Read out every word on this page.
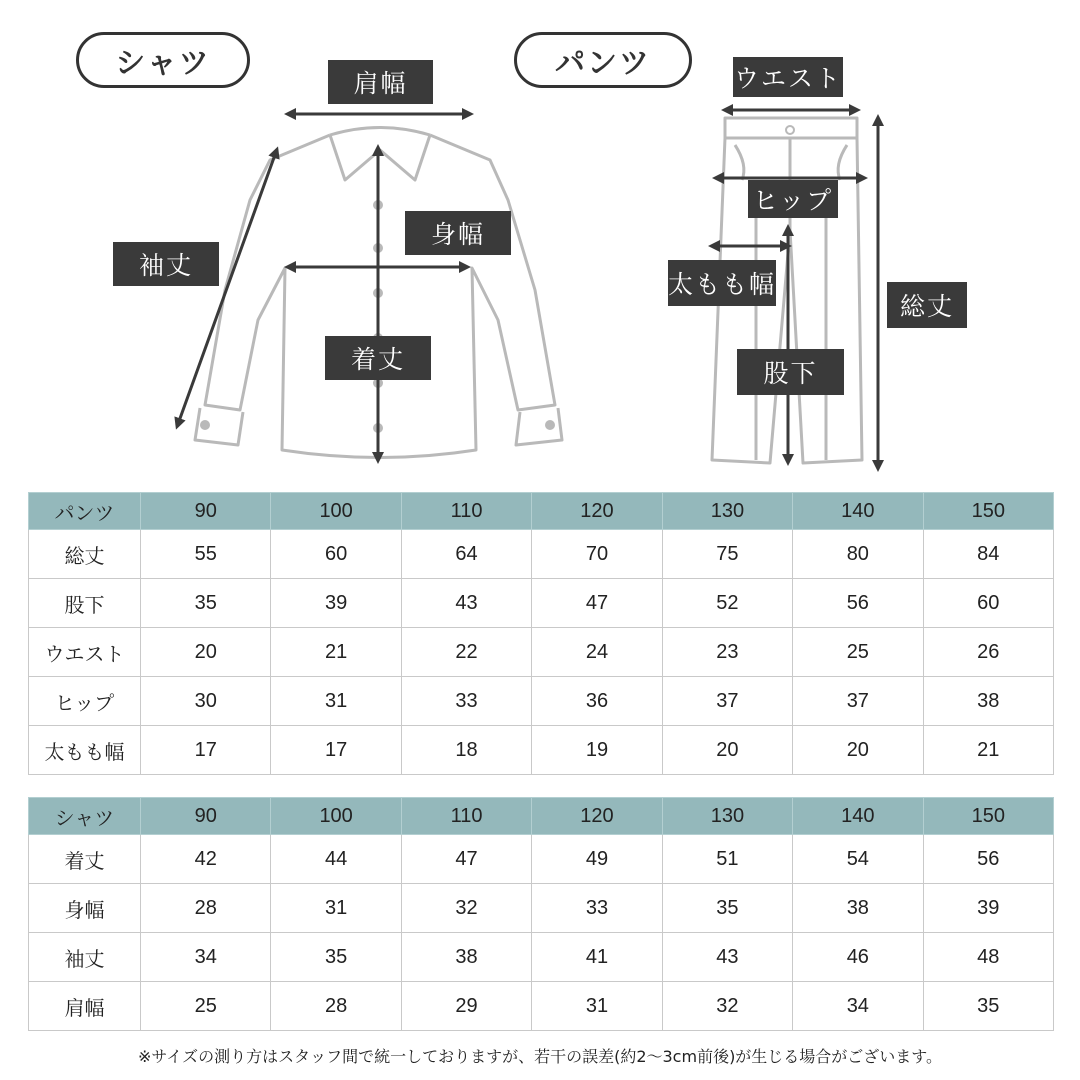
シャツ	パンツ
肩幅
身幅
袖丈
着丈
ウエスト
ヒップ
太もも幅
股下
総丈
パンツ	90	100	110	120	130	140	150
総丈	55	60	64	70	75	80	84
股下	35	39	43	47	52	56	60
ウエスト	20	21	22	24	23	25	26
ヒップ	30	31	33	36	37	37	38
太もも幅	17	17	18	19	20	20	21
シャツ	90	100	110	120	130	140	150
着丈	42	44	47	49	51	54	56
身幅	28	31	32	33	35	38	39
袖丈	34	35	38	41	43	46	48
肩幅	25	28	29	31	32	34	35
※サイズの測り方はスタッフ間で統一しておりますが、若干の誤差(約2〜3cm前後)が生じる場合がございます。
